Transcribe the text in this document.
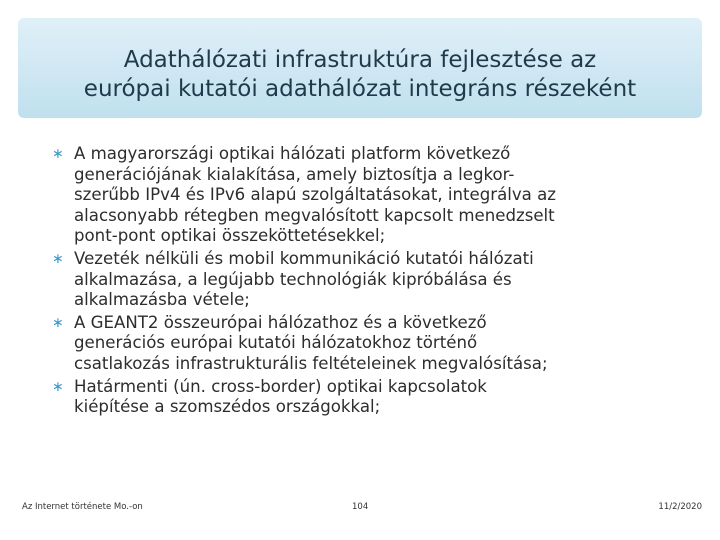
Adathálózati infrastruktúra fejlesztése az
európai kutatói adathálózat integráns részeként
∗ A magyarországi optikai hálózati platform következő
generációjának kialakítása, amely biztosítja a legkor-
szerűbb IPv4 és IPv6 alapú szolgáltatásokat, integrálva az
alacsonyabb rétegben megvalósított kapcsolt menedzselt
pont-pont optikai összeköttetésekkel;
∗ Vezeték nélküli és mobil kommunikáció kutatói hálózati
alkalmazása, a legújabb technológiák kipróbálása és
alkalmazásba vétele;
∗ A GEANT2 összeurópai hálózathoz és a következő
generációs európai kutatói hálózatokhoz történő
csatlakozás infrastrukturális feltételeinek megvalósítása;
∗ Határmenti (ún. cross-border) optikai kapcsolatok
kiépítése a szomszédos országokkal;
Az Internet története Mo.-on	104	11/2/2020
